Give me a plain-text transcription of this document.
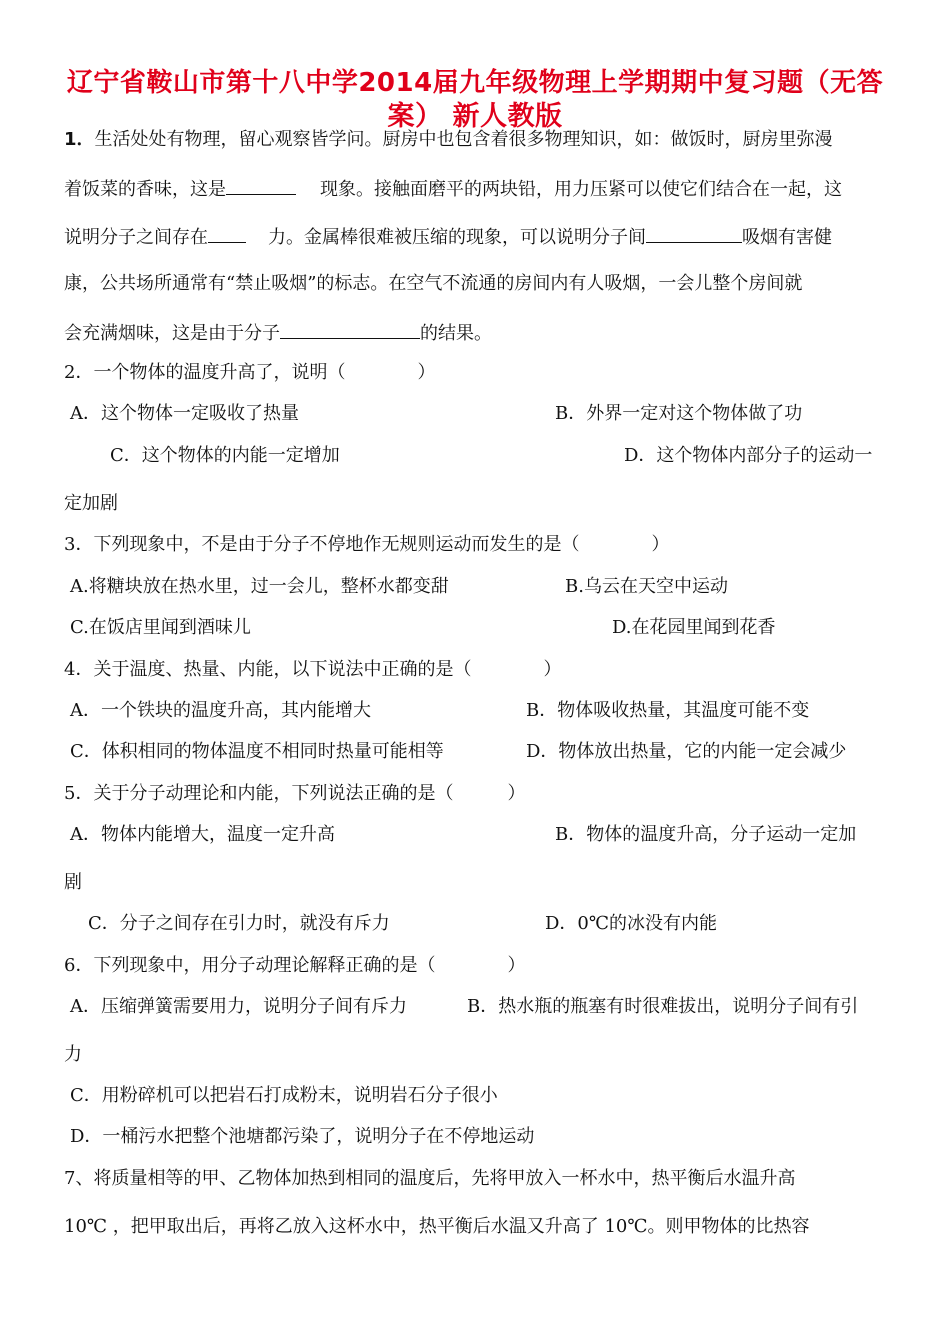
辽宁省鞍山市第十八中学2014届九年级物理上学期期中复习题（无答
案） 新人教版
1．生活处处有物理，留心观察皆学问。厨房中也包含着很多物理知识，如：做饭时，厨房里弥漫
着饭菜的香味，这是	现象。接触面磨平的两块铅，用力压紧可以使它们结合在一起，这
说明分子之间存在	力。金属棒很难被压缩的现象，可以说明分子间	吸烟有害健
康，公共场所通常有“禁止吸烟”的标志。在空气不流通的房间内有人吸烟，一会儿整个房间就
会充满烟味，这是由于分子	的结果。
2．一个物体的温度升高了，说明（　　　　）
A．这个物体一定吸收了热量	B．外界一定对这个物体做了功
C．这个物体的内能一定增加	D．这个物体内部分子的运动一
定加剧
3．下列现象中，不是由于分子不停地作无规则运动而发生的是（　　　　）
A.将糖块放在热水里，过一会儿，整杯水都变甜	B.乌云在天空中运动
C.在饭店里闻到酒味儿	D.在花园里闻到花香
4．关于温度、热量、内能，以下说法中正确的是（　　　　）
A．一个铁块的温度升高，其内能增大	B．物体吸收热量，其温度可能不变
C．体积相同的物体温度不相同时热量可能相等	D．物体放出热量，它的内能一定会减少
5．关于分子动理论和内能，下列说法正确的是（　　　）
A．物体内能增大，温度一定升高	B．物体的温度升高，分子运动一定加
剧
C．分子之间存在引力时，就没有斥力	D．0℃的冰没有内能
6．下列现象中，用分子动理论解释正确的是（　　　　）
A．压缩弹簧需要用力，说明分子间有斥力	B．热水瓶的瓶塞有时很难拔出，说明分子间有引
力
C．用粉碎机可以把岩石打成粉末，说明岩石分子很小
D．一桶污水把整个池塘都污染了，说明分子在不停地运动
7、将质量相等的甲、乙物体加热到相同的温度后，先将甲放入一杯水中，热平衡后水温升高
10℃ ，把甲取出后，再将乙放入这杯水中，热平衡后水温又升高了 10℃。则甲物体的比热容
